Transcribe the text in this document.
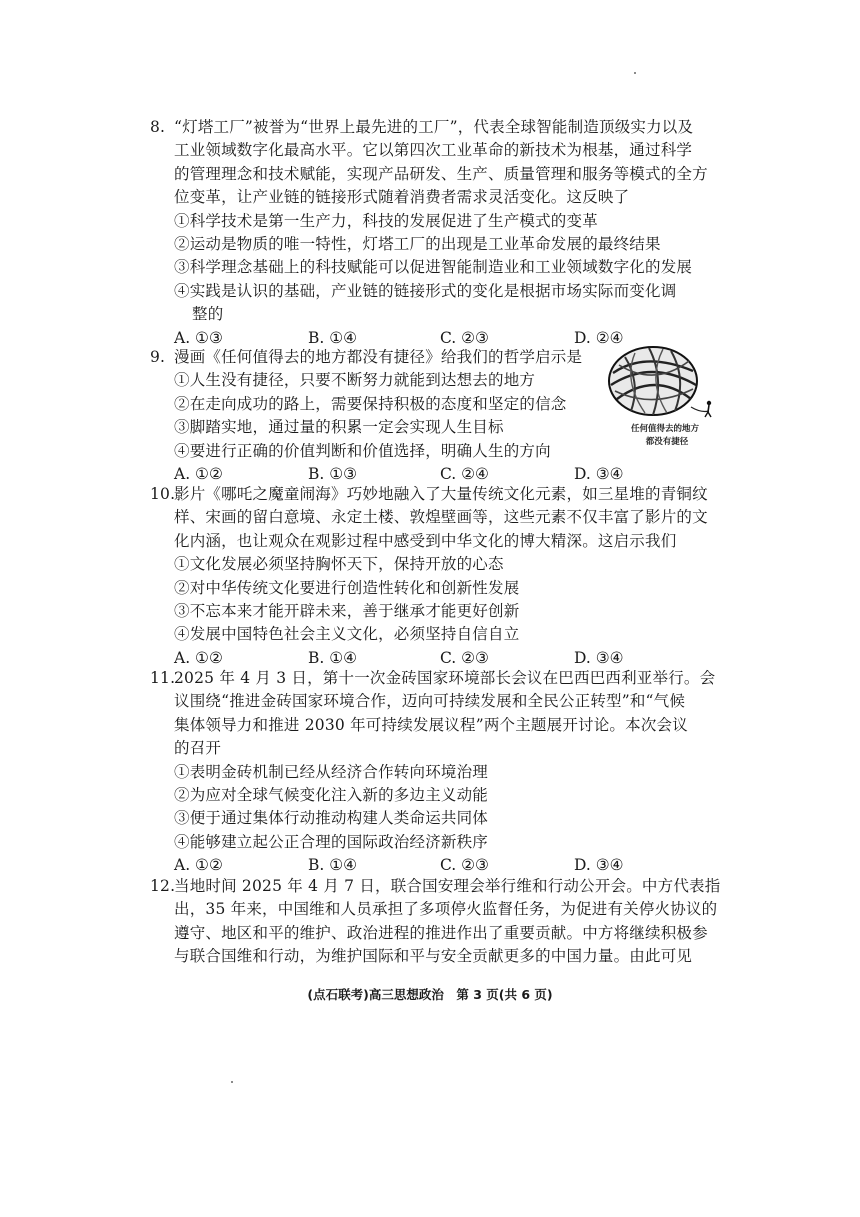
8. “灯塔工厂”被誉为“世界上最先进的工厂”，代表全球智能制造顶级实力以及
工业领域数字化最高水平。它以第四次工业革命的新技术为根基，通过科学
的管理理念和技术赋能，实现产品研发、生产、质量管理和服务等模式的全方
位变革，让产业链的链接形式随着消费者需求灵活变化。这反映了
①科学技术是第一生产力，科技的发展促进了生产模式的变革
②运动是物质的唯一特性，灯塔工厂的出现是工业革命发展的最终结果
③科学理念基础上的科技赋能可以促进智能制造业和工业领域数字化的发展
④实践是认识的基础，产业链的链接形式的变化是根据市场实际而变化调
整的
A. ①③	B. ①④	C. ②③	D. ②④
9. 漫画《任何值得去的地方都没有捷径》给我们的哲学启示是
①人生没有捷径，只要不断努力就能到达想去的地方
②在走向成功的路上，需要保持积极的态度和坚定的信念
③脚踏实地，通过量的积累一定会实现人生目标
④要进行正确的价值判断和价值选择，明确人生的方向
A. ①②	B. ①③	C. ②④	D. ③④
任何值得去的地方
都没有捷径
10.影片《哪吒之魔童闹海》巧妙地融入了大量传统文化元素，如三星堆的青铜纹
样、宋画的留白意境、永定土楼、敦煌壁画等，这些元素不仅丰富了影片的文
化内涵，也让观众在观影过程中感受到中华文化的博大精深。这启示我们
①文化发展必须坚持胸怀天下，保持开放的心态
②对中华传统文化要进行创造性转化和创新性发展
③不忘本来才能开辟未来，善于继承才能更好创新
④发展中国特色社会主义文化，必须坚持自信自立
A. ①②	B. ①④	C. ②③	D. ③④
11.2025 年 4 月 3 日，第十一次金砖国家环境部长会议在巴西巴西利亚举行。会
议围绕“推进金砖国家环境合作，迈向可持续发展和全民公正转型”和“气候
集体领导力和推进 2030 年可持续发展议程”两个主题展开讨论。本次会议
的召开
①表明金砖机制已经从经济合作转向环境治理
②为应对全球气候变化注入新的多边主义动能
③便于通过集体行动推动构建人类命运共同体
④能够建立起公正合理的国际政治经济新秩序
A. ①②	B. ①④	C. ②③	D. ③④
12.当地时间 2025 年 4 月 7 日，联合国安理会举行维和行动公开会。中方代表指
出，35 年来，中国维和人员承担了多项停火监督任务，为促进有关停火协议的
遵守、地区和平的维护、政治进程的推进作出了重要贡献。中方将继续积极参
与联合国维和行动，为维护国际和平与安全贡献更多的中国力量。由此可见
(点石联考)高三思想政治　第 3 页(共 6 页)
